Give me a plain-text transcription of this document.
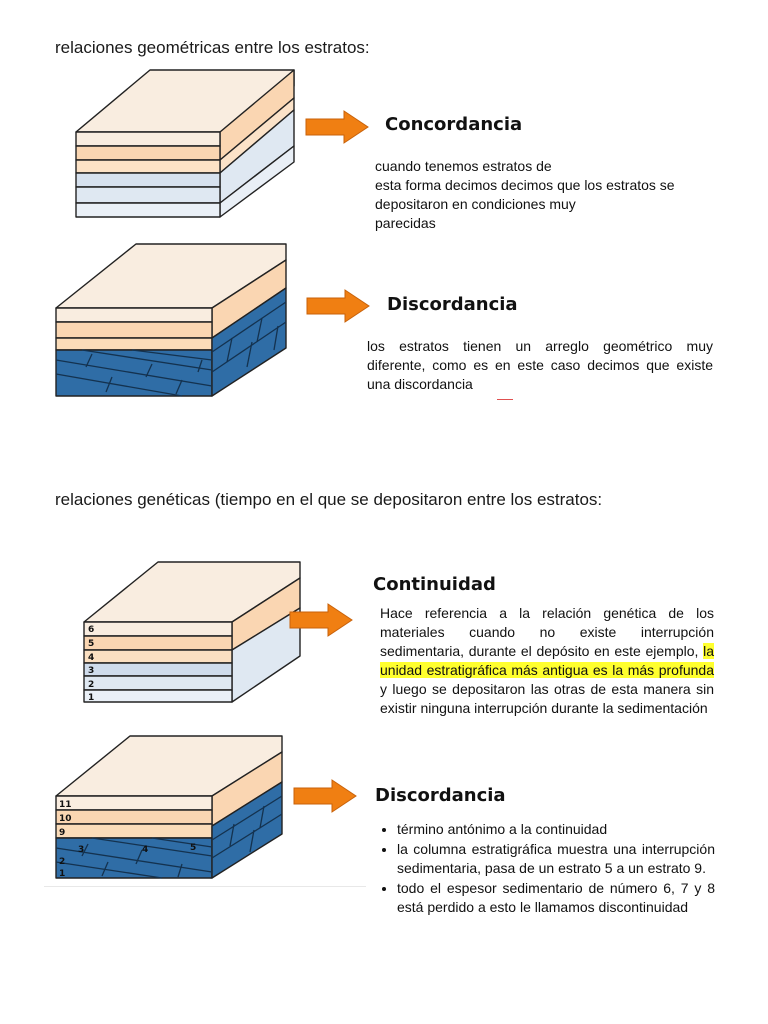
relaciones geométricas entre los estratos:
Concordancia
cuando tenemos estratos de
esta forma decimos decimos que los estratos se
depositaron en condiciones muy
parecidas
Discordancia
los estratos tienen un arreglo geométrico muy diferente, como es en este caso decimos que existe una discordancia
relaciones genéticas (tiempo en el que se depositaron entre los estratos:
6
5
4
3
2
1
Continuidad
Hace referencia a la relación genética de los materiales cuando no existe interrupción sedimentaria, durante el depósito en este ejemplo, la unidad estratigráfica más antigua es la más profunda y luego se depositaron las otras de esta manera sin existir ninguna interrupción durante la sedimentación
11
10
9
3	4	5
2
1
Discordancia
• término antónimo a la continuidad
• la columna estratigráfica muestra una interrupción sedimentaria, pasa de un estrato 5 a un estrato 9.
• todo el espesor sedimentario de número 6, 7 y 8 está perdido a esto le llamamos discontinuidad
